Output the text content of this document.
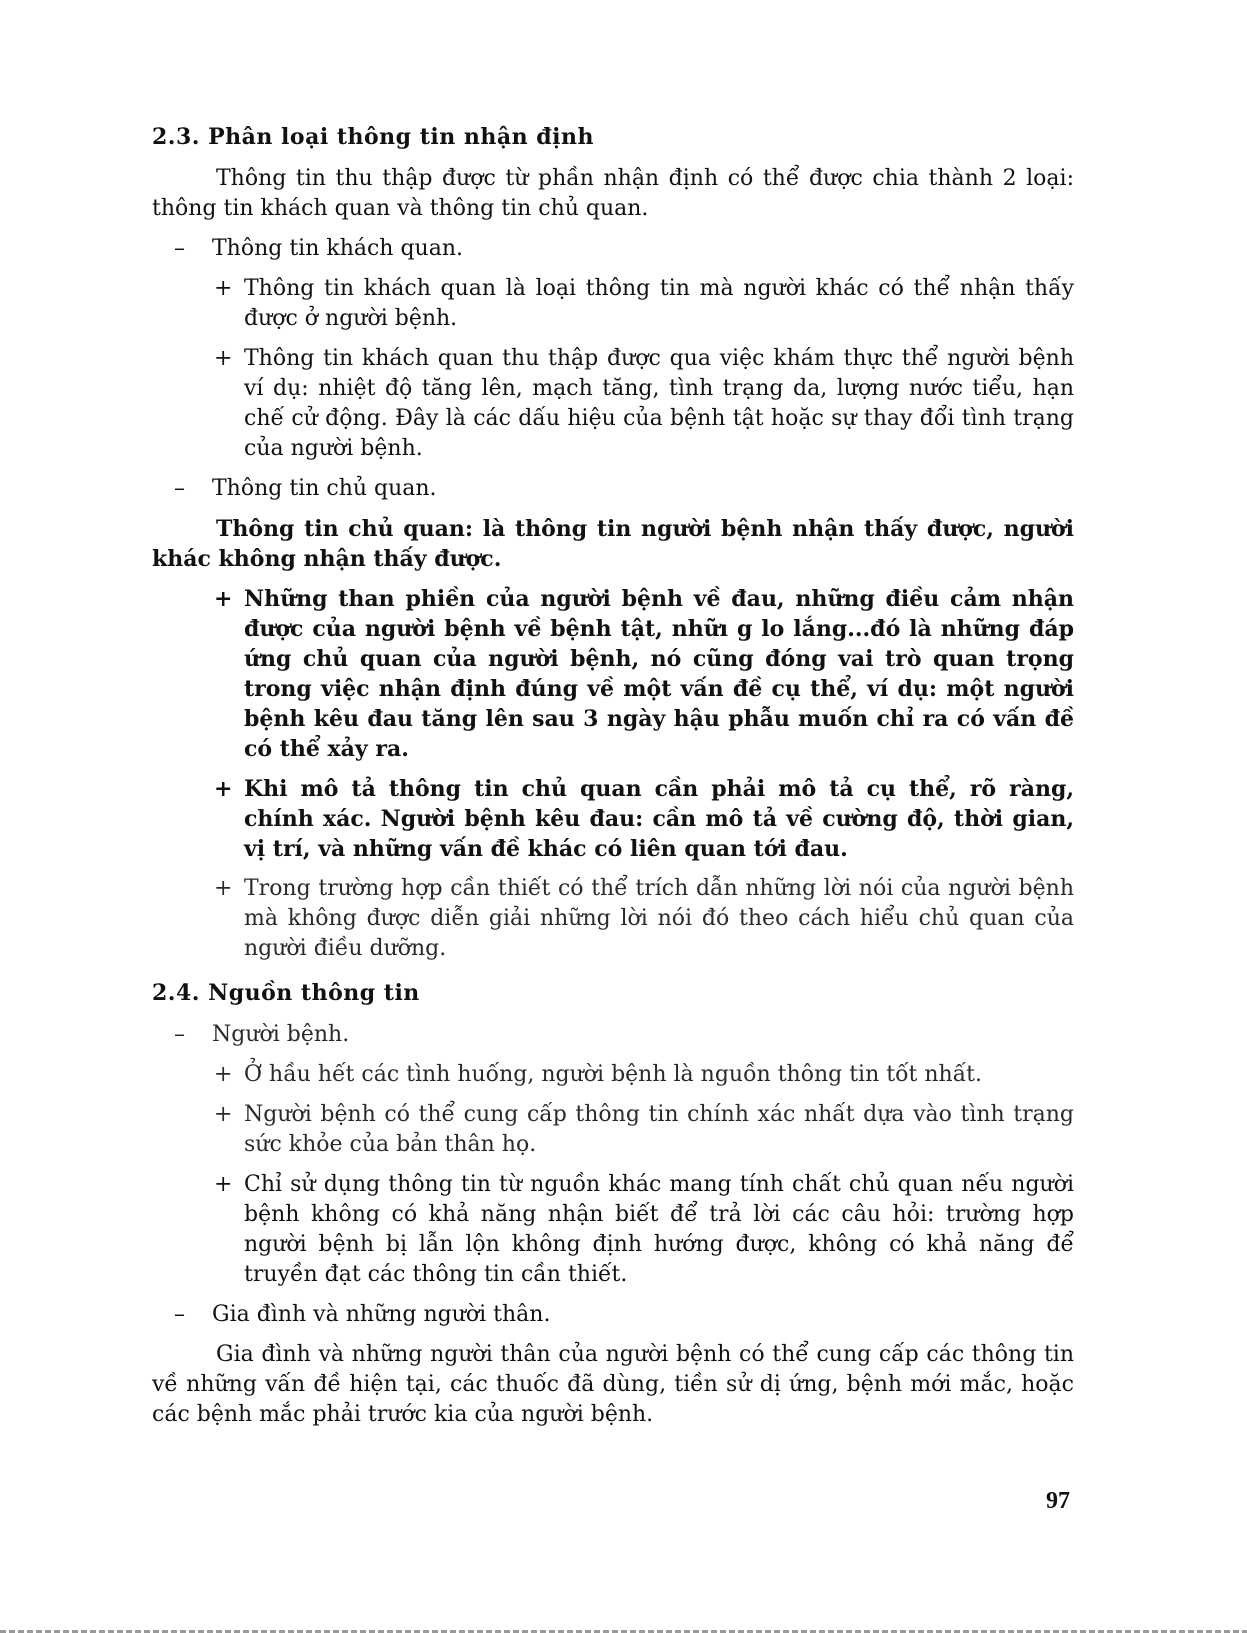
2.3. Phân loại thông tin nhận định

Thông tin thu thập được từ phần nhận định có thể được chia thành 2 loại: thông tin khách quan và thông tin chủ quan.

– Thông tin khách quan.
+ Thông tin khách quan là loại thông tin mà người khác có thể nhận thấy được ở người bệnh.
+ Thông tin khách quan thu thập được qua việc khám thực thể người bệnh ví dụ: nhiệt độ tăng lên, mạch tăng, tình trạng da, lượng nước tiểu, hạn chế cử động. Đây là các dấu hiệu của bệnh tật hoặc sự thay đổi tình trạng của người bệnh.
– Thông tin chủ quan.

Thông tin chủ quan: là thông tin người bệnh nhận thấy được, người khác không nhận thấy được.

+ Những than phiền của người bệnh về đau, những điều cảm nhận được của người bệnh về bệnh tật, nhữı g lo lắng...đó là những đáp ứng chủ quan của người bệnh, nó cũng đóng vai trò quan trọng trong việc nhận định đúng về một vấn đề cụ thể, ví dụ: một người bệnh kêu đau tăng lên sau 3 ngày hậu phẫu muốn chỉ ra có vấn đề có thể xảy ra.
+ Khi mô tả thông tin chủ quan cần phải mô tả cụ thể, rõ ràng, chính xác. Người bệnh kêu đau: cần mô tả về cường độ, thời gian, vị trí, và những vấn đề khác có liên quan tới đau.
+ Trong trường hợp cần thiết có thể trích dẫn những lời nói của người bệnh mà không được diễn giải những lời nói đó theo cách hiểu chủ quan của người điều dưỡng.
2.4. Nguồn thông tin
– Người bệnh.
+ Ở hầu hết các tình huống, người bệnh là nguồn thông tin tốt nhất.
+ Người bệnh có thể cung cấp thông tin chính xác nhất dựa vào tình trạng sức khỏe của bản thân họ.
+ Chỉ sử dụng thông tin từ nguồn khác mang tính chất chủ quan nếu người bệnh không có khả năng nhận biết để trả lời các câu hỏi: trường hợp người bệnh bị lẫn lộn không định hướng được, không có khả năng để truyền đạt các thông tin cần thiết.
– Gia đình và những người thân.

Gia đình và những người thân của người bệnh có thể cung cấp các thông tin về những vấn đề hiện tại, các thuốc đã dùng, tiền sử dị ứng, bệnh mới mắc, hoặc các bệnh mắc phải trước kia của người bệnh.

97
